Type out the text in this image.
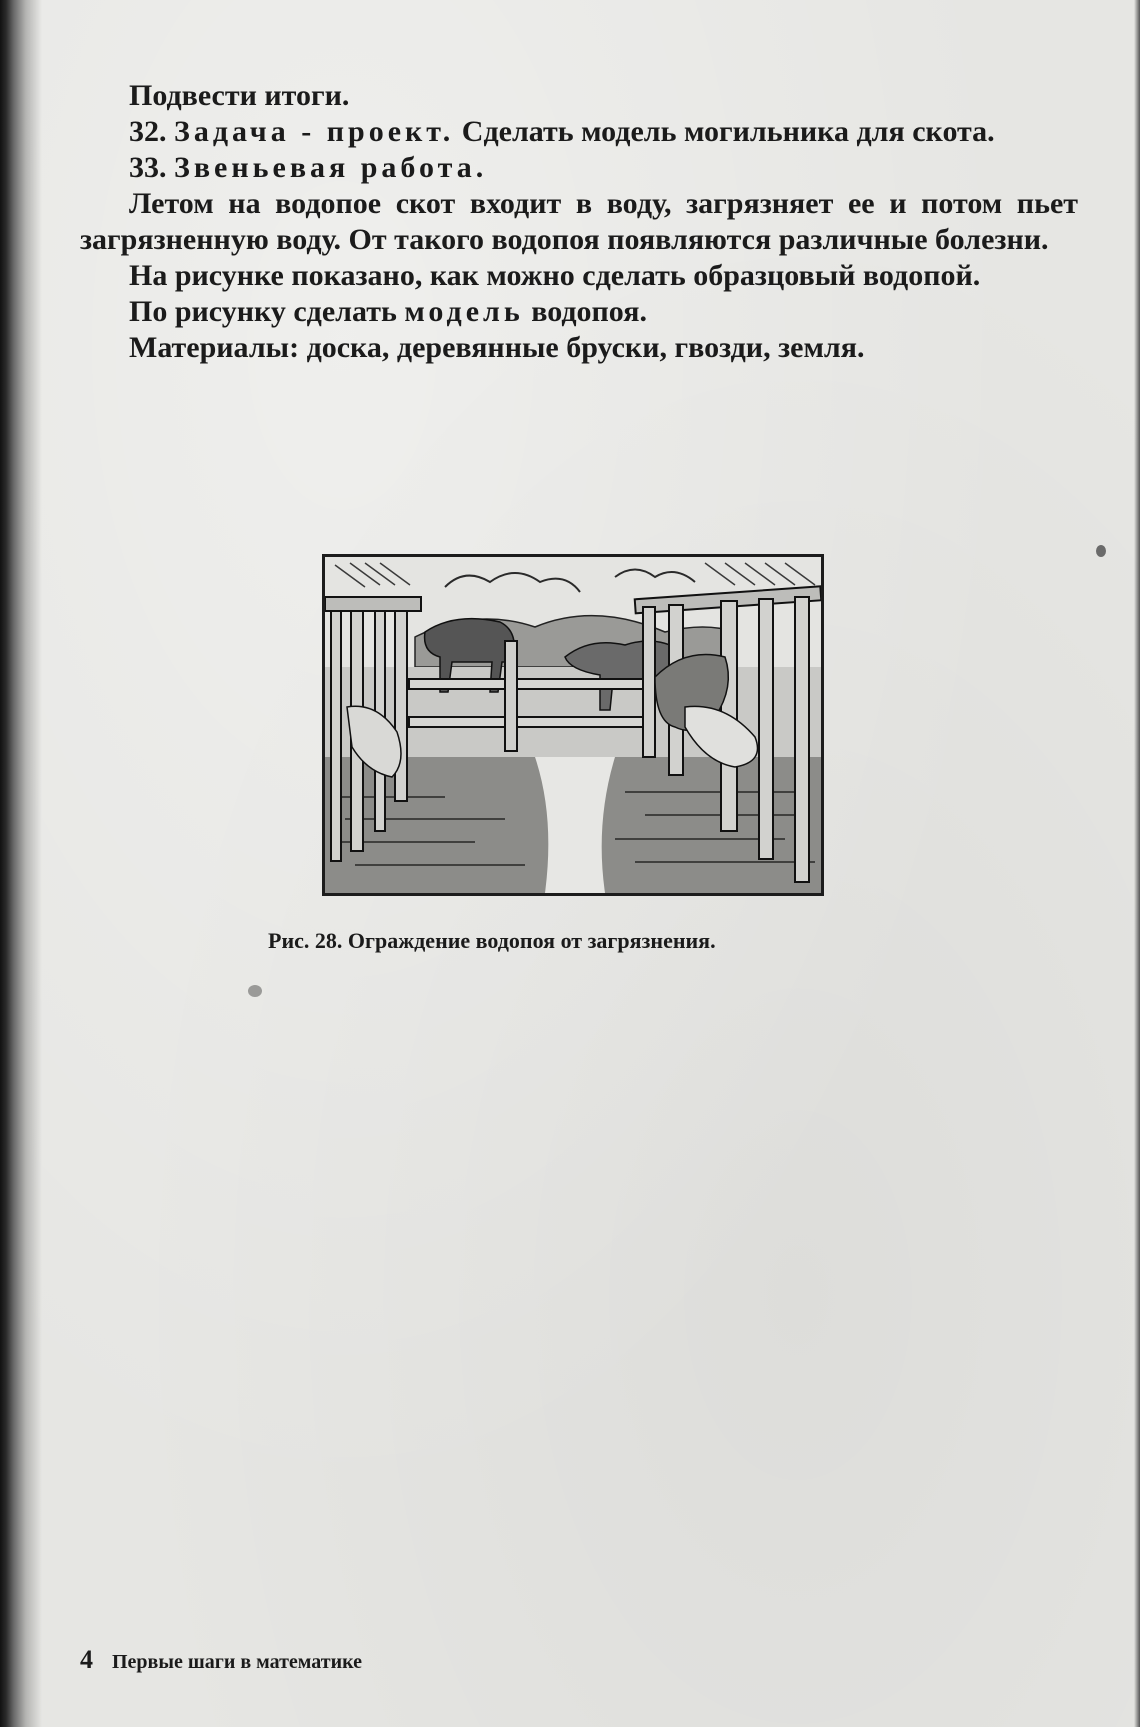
Подвести итоги.

32. Задача - проект. Сделать модель могильника для скота.

33. Звеньевая работа.

Летом на водопое скот входит в воду, загрязняет ее и потом пьет загрязненную воду. От такого водопоя появляются различные болезни.

На рисунке показано, как можно сделать образцовый водопой.

По рисунку сделать модель водопоя.

Материалы: доска, деревянные бруски, гвозди, земля.

Рис. 28. Ограждение водопоя от загрязнения.
4 Первые шаги в математике
